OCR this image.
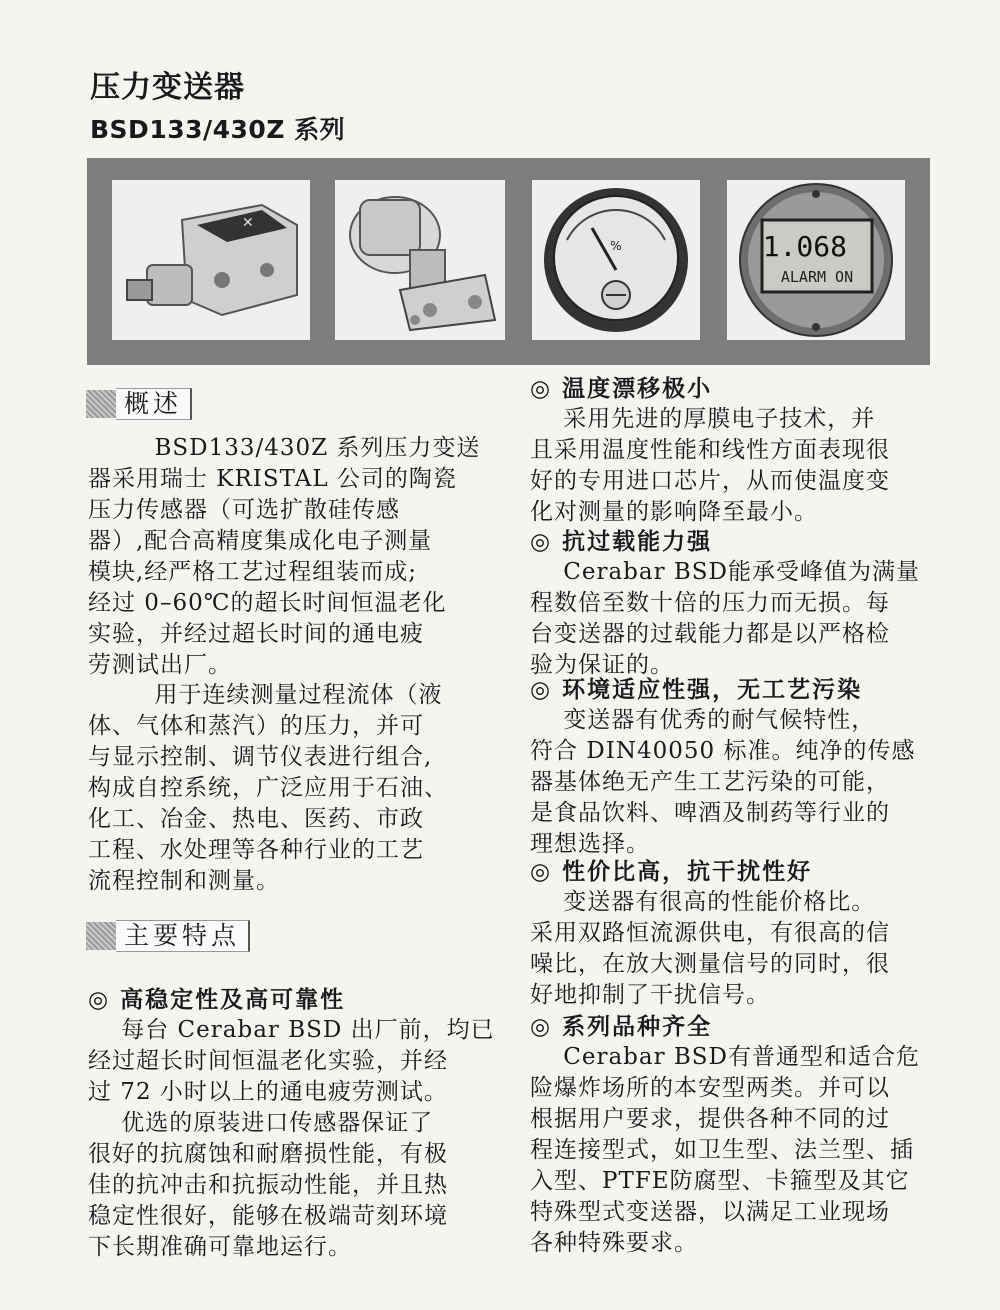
压力变送器
BSD133/430Z 系列
✕
%	1.068
ALARM ON
概述
BSD133/430Z 系列压力变送
器采用瑞士 KRISTAL 公司的陶瓷
压力传感器（可选扩散硅传感
器）,配合高精度集成化电子测量
模块,经严格工艺过程组装而成;
经过 0–60℃的超长时间恒温老化
实验，并经过超长时间的通电疲
劳测试出厂。
用于连续测量过程流体（液
体、气体和蒸汽）的压力，并可
与显示控制、调节仪表进行组合,
构成自控系统，广泛应用于石油、
化工、冶金、热电、医药、市政
工程、水处理等各种行业的工艺
流程控制和测量。
主要特点
◎ 高稳定性及高可靠性
每台 Cerabar BSD 出厂前，均已
经过超长时间恒温老化实验，并经
过 72 小时以上的通电疲劳测试。
优选的原装进口传感器保证了
很好的抗腐蚀和耐磨损性能，有极
佳的抗冲击和抗振动性能，并且热
稳定性很好，能够在极端苛刻环境
下长期准确可靠地运行。
◎ 温度漂移极小
采用先进的厚膜电子技术，并
且采用温度性能和线性方面表现很
好的专用进口芯片，从而使温度变
化对测量的影响降至最小。
◎ 抗过载能力强
Cerabar BSD能承受峰值为满量
程数倍至数十倍的压力而无损。每
台变送器的过载能力都是以严格检
验为保证的。
◎ 环境适应性强，无工艺污染
变送器有优秀的耐气候特性，
符合 DIN40050 标准。纯净的传感
器基体绝无产生工艺污染的可能，
是食品饮料、啤酒及制药等行业的
理想选择。
◎ 性价比高，抗干扰性好
变送器有很高的性能价格比。
采用双路恒流源供电，有很高的信
噪比，在放大测量信号的同时，很
好地抑制了干扰信号。
◎ 系列品种齐全
Cerabar BSD有普通型和适合危
险爆炸场所的本安型两类。并可以
根据用户要求，提供各种不同的过
程连接型式，如卫生型、法兰型、插
入型、PTFE防腐型、卡箍型及其它
特殊型式变送器，以满足工业现场
各种特殊要求。
